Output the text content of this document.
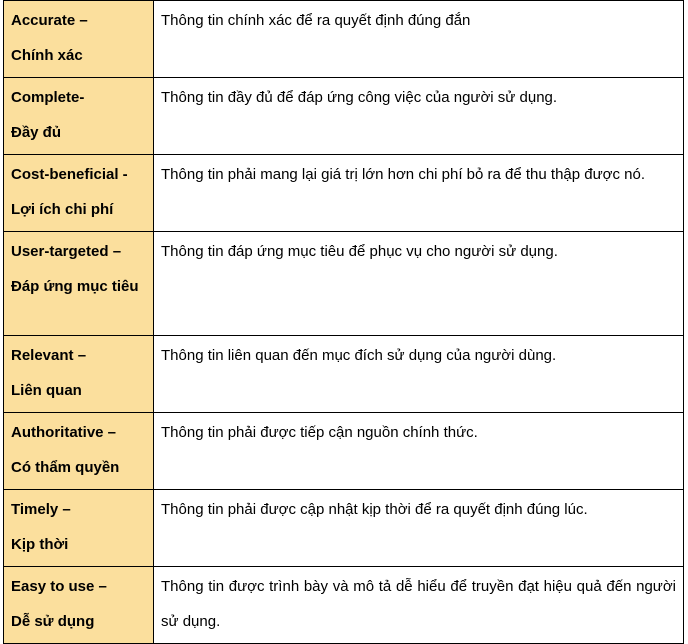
Accurate –
Chính xác	Thông tin chính xác để ra quyết định đúng đắn

Complete-
Đầy đủ	Thông tin đầy đủ để đáp ứng công việc của người sử dụng.

Cost-beneficial -
Lợi ích chi phí	Thông tin phải mang lại giá trị lớn hơn chi phí bỏ ra để thu thập được nó.

User-targeted –
Đáp ứng mục tiêu	Thông tin đáp ứng mục tiêu để phục vụ cho người sử dụng.

Relevant –
Liên quan	Thông tin liên quan đến mục đích sử dụng của người dùng.

Authoritative –
Có thẩm quyền	Thông tin phải được tiếp cận nguồn chính thức.

Timely –
Kịp thời	Thông tin phải được cập nhật kịp thời để ra quyết định đúng lúc.

Easy to use –
Dễ sử dụng	Thông tin được trình bày và mô tả dễ hiểu để truyền đạt hiệu quả đến người sử dụng.
